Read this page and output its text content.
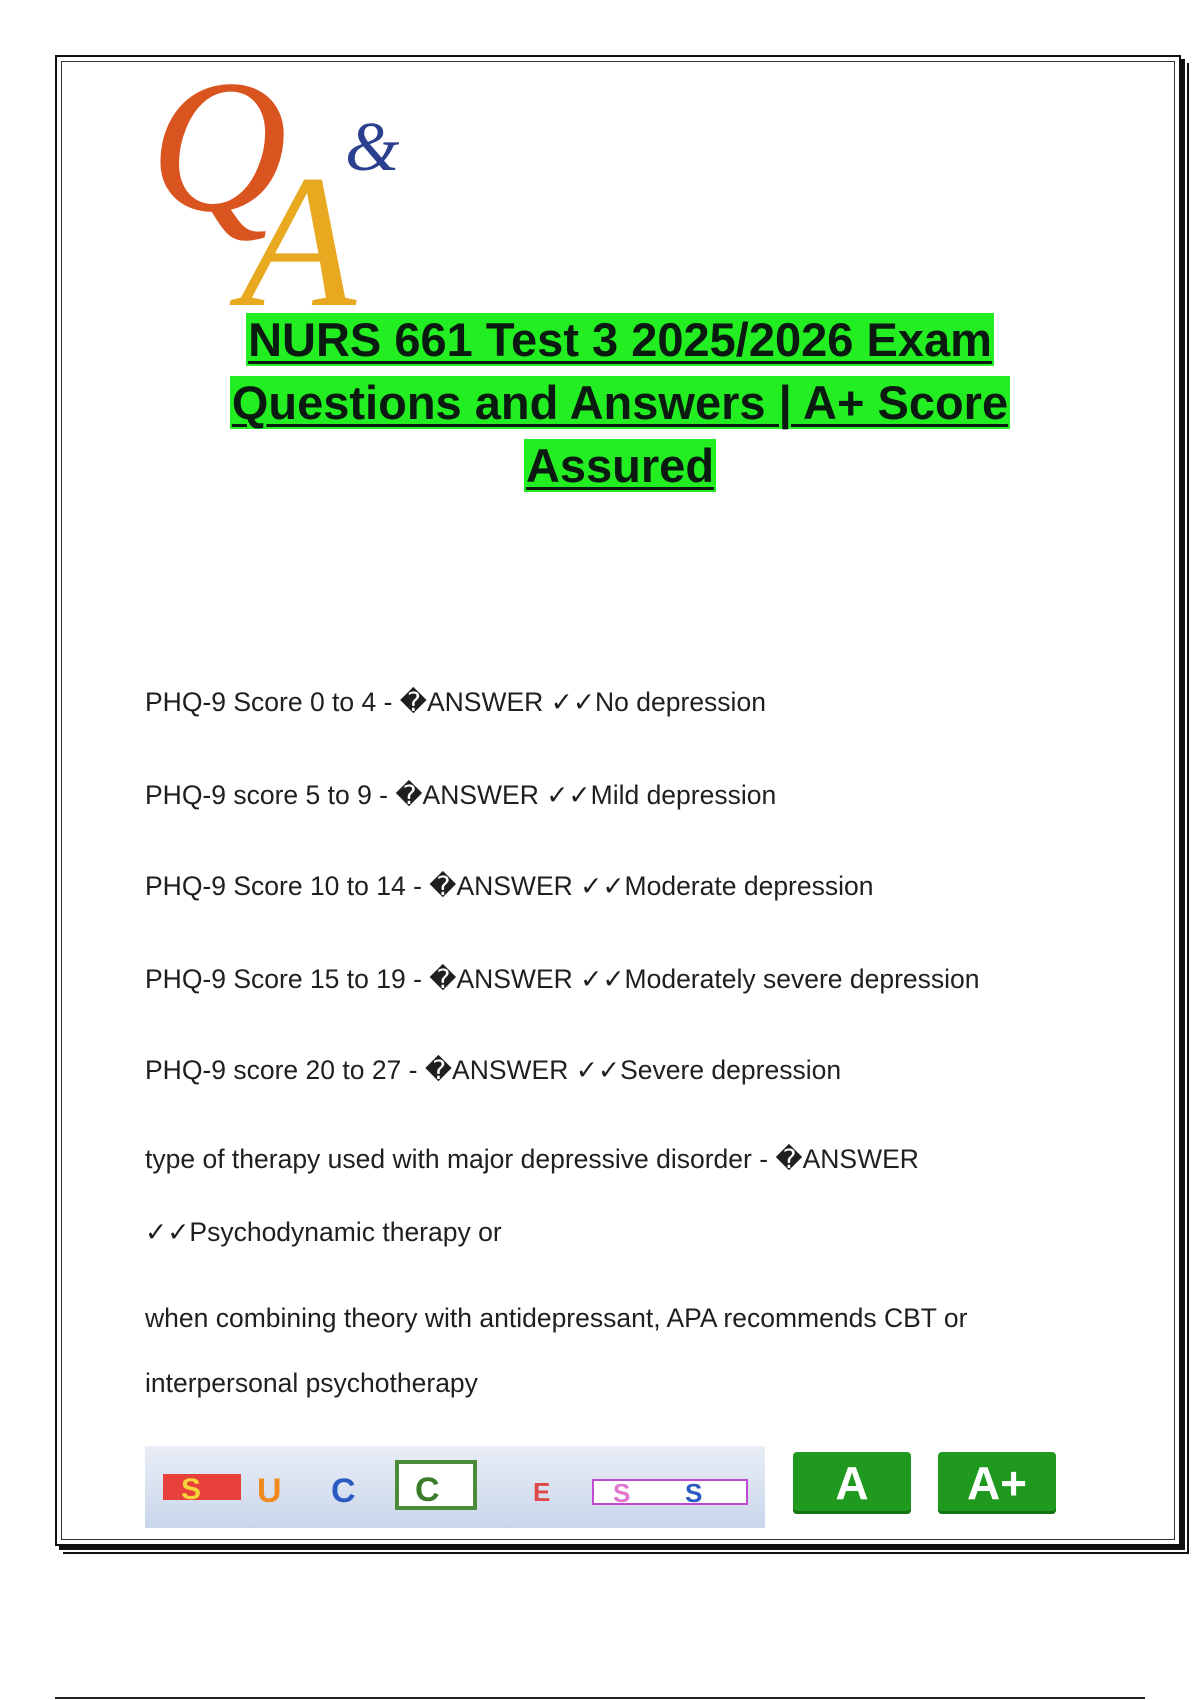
Q &
A
NURS 661 Test 3 2025/2026 Exam
Questions and Answers | A+ Score
Assured
PHQ-9 Score 0 to 4 - �ANSWER ✓✓No depression
PHQ-9 score 5 to 9 - �ANSWER ✓✓Mild depression
PHQ-9 Score 10 to 14 - �ANSWER ✓✓Moderate depression
PHQ-9 Score 15 to 19 - �ANSWER ✓✓Moderately severe depression
PHQ-9 score 20 to 27 - �ANSWER ✓✓Severe depression
type of therapy used with major depressive disorder - �ANSWER
✓✓Psychodynamic therapy or
when combining theory with antidepressant, APA recommends CBT or
interpersonal psychotherapy
S U C C	E S S	A	A+
